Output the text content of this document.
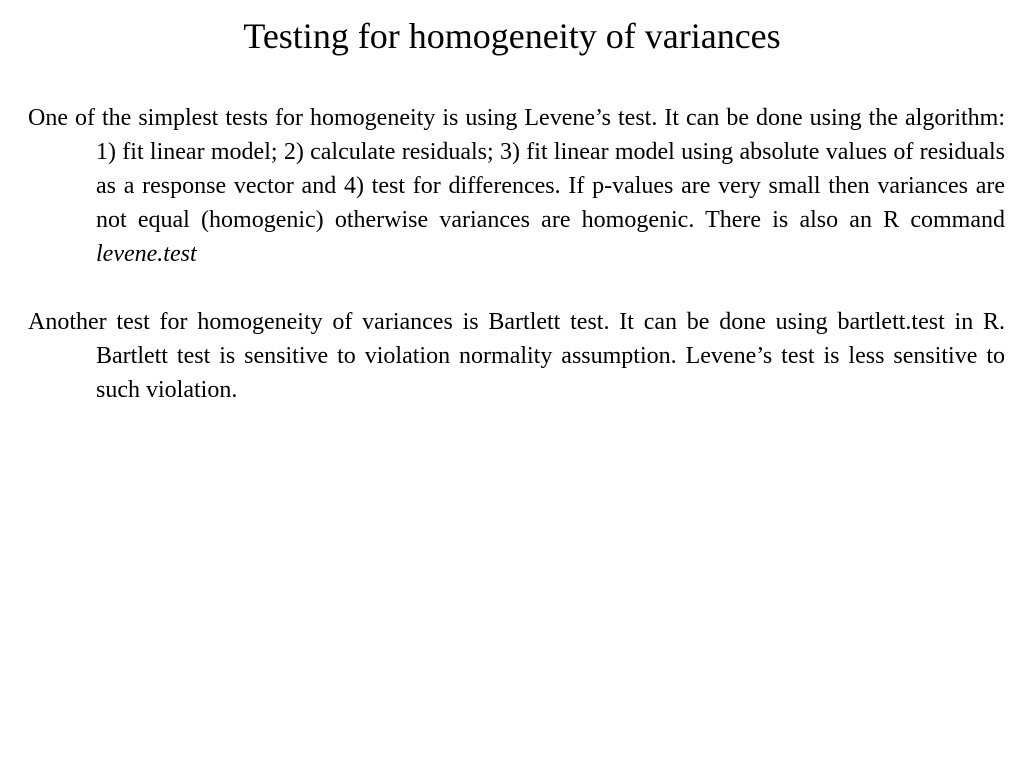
Testing for homogeneity of variances

One of the simplest tests for homogeneity is using Levene’s test. It can be done using the algorithm: 1) fit linear model; 2) calculate residuals; 3) fit linear model using absolute values of residuals as a response vector and 4) test for differences. If p-values are very small then variances are not equal (homogenic) otherwise variances are homogenic. There is also an R command levene.test

Another test for homogeneity of variances is Bartlett test. It can be done using bartlett.test in R. Bartlett test is sensitive to violation normality assumption. Levene’s test is less sensitive to such violation.
